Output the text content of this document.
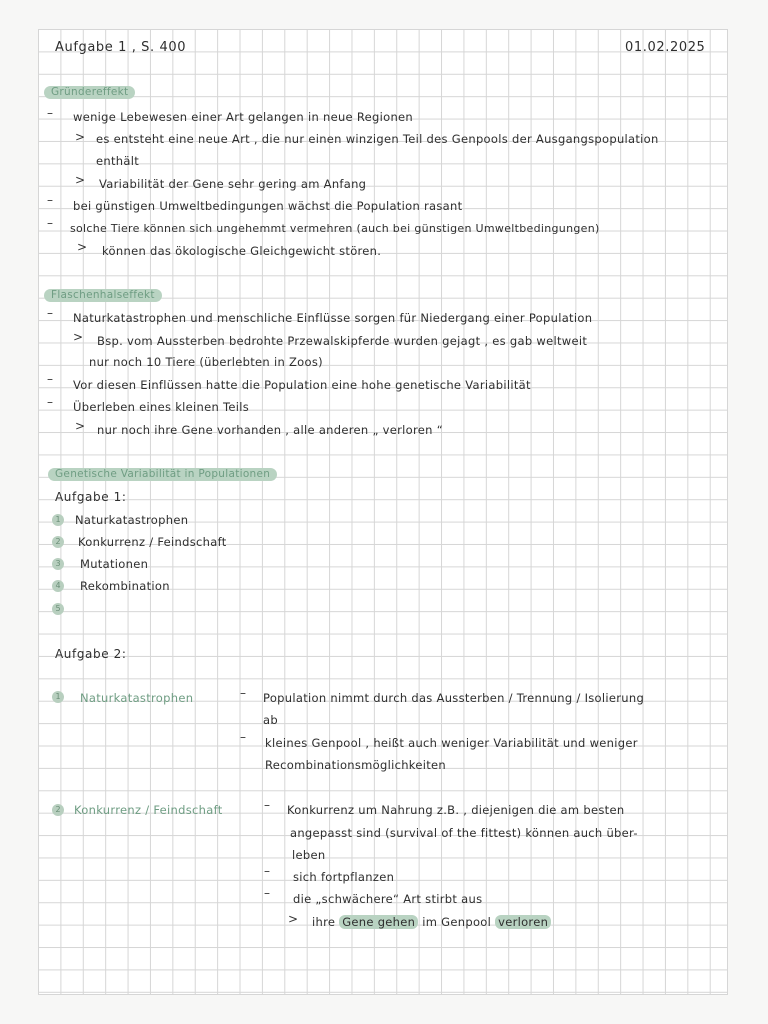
Aufgabe 1 , S. 400	01.02.2025
Gründereffekt
– wenige Lebewesen einer Art gelangen in neue Regionen
> es entsteht eine neue Art , die nur einen winzigen Teil des Genpools der Ausgangspopulation
enthält
> Variabilität der Gene sehr gering am Anfang
– bei günstigen Umweltbedingungen wächst die Population rasant
– solche Tiere können sich ungehemmt vermehren (auch bei günstigen Umweltbedingungen)
> können das ökologische Gleichgewicht stören.
Flaschenhalseffekt
– Naturkatastrophen und menschliche Einflüsse sorgen für Niedergang einer Population
> Bsp. vom Aussterben bedrohte Przewalskipferde wurden gejagt , es gab weltweit
nur noch 10 Tiere (überlebten in Zoos)
– Vor diesen Einflüssen hatte die Population eine hohe genetische Variabilität
– Überleben eines kleinen Teils
> nur noch ihre Gene vorhanden , alle anderen „ verloren “
Genetische Variabilität in Populationen
Aufgabe 1:
1	Naturkatastrophen
2	Konkurrenz / Feindschaft
3	Mutationen
4	Rekombination
5
Aufgabe 2:
1	Naturkatastrophen	– Population nimmt durch das Aussterben / Trennung / Isolierung
ab
– kleines Genpool , heißt auch weniger Variabilität und weniger
Recombinationsmöglichkeiten
2	Konkurrenz / Feindschaft	– Konkurrenz um Nahrung z.B. , diejenigen die am besten
angepasst sind (survival of the fittest) können auch über-
leben
– sich fortpflanzen
– die „schwächere“ Art stirbt aus
> ihre Gene gehen im Genpool verloren
